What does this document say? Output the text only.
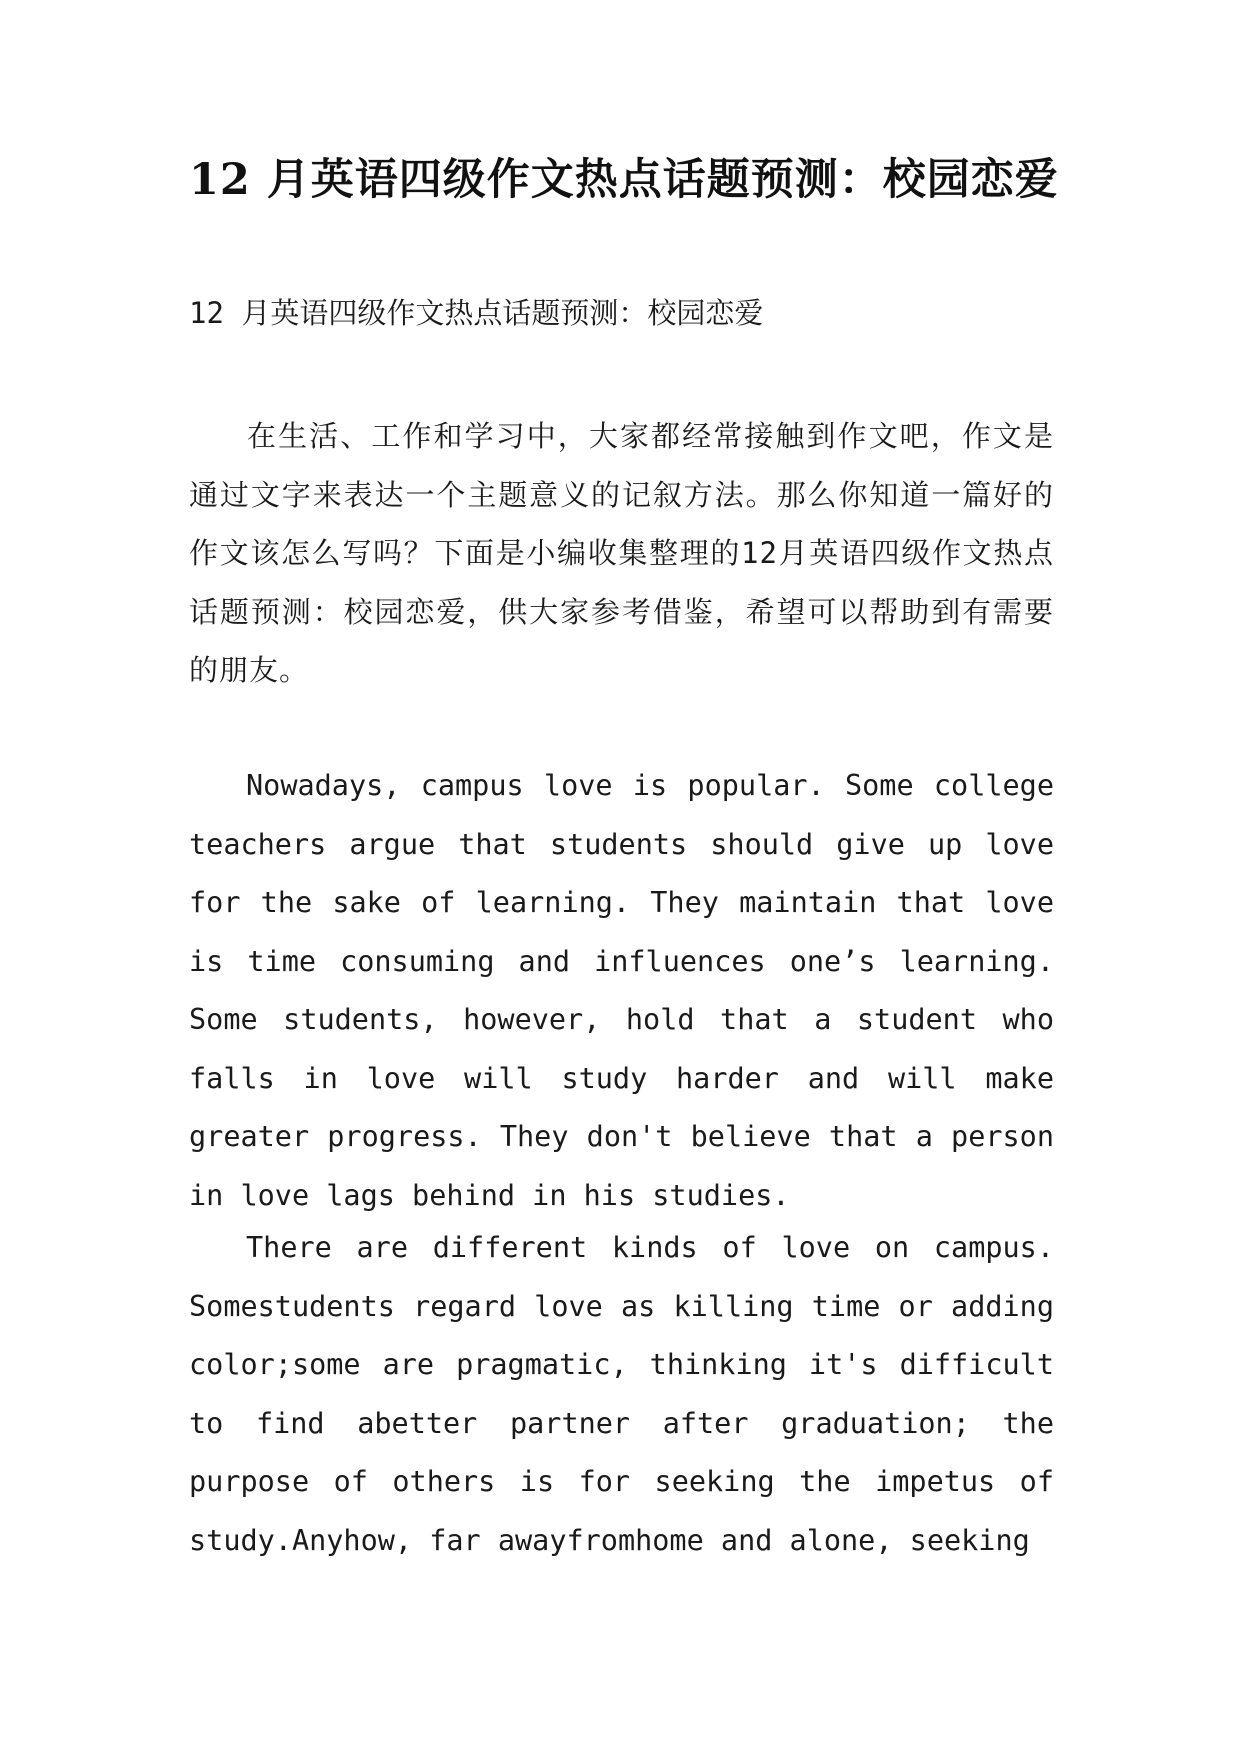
12 月英语四级作文热点话题预测：校园恋爱
12 月英语四级作文热点话题预测：校园恋爱

在生活、工作和学习中，大家都经常接触到作文吧，作文是通过文字来表达一个主题意义的记叙方法。那么你知道一篇好的作文该怎么写吗？下面是小编收集整理的12月英语四级作文热点话题预测：校园恋爱，供大家参考借鉴，希望可以帮助到有需要的朋友。

Nowadays, campus love is popular. Some college teachers argue that students should give up love for the sake of learning. They maintain that love is time consuming and influences one’s learning. Some students, however, hold that a student who falls in love will study harder and will make greater progress. They don't believe that a person in love lags behind in his studies.

There are different kinds of love on campus. Somestudents regard love as killing time or adding color;some are pragmatic, thinking it's difficult to find abetter partner after graduation; the purpose of others is for seeking the impetus of study.Anyhow, far awayfromhome and alone, seeking
